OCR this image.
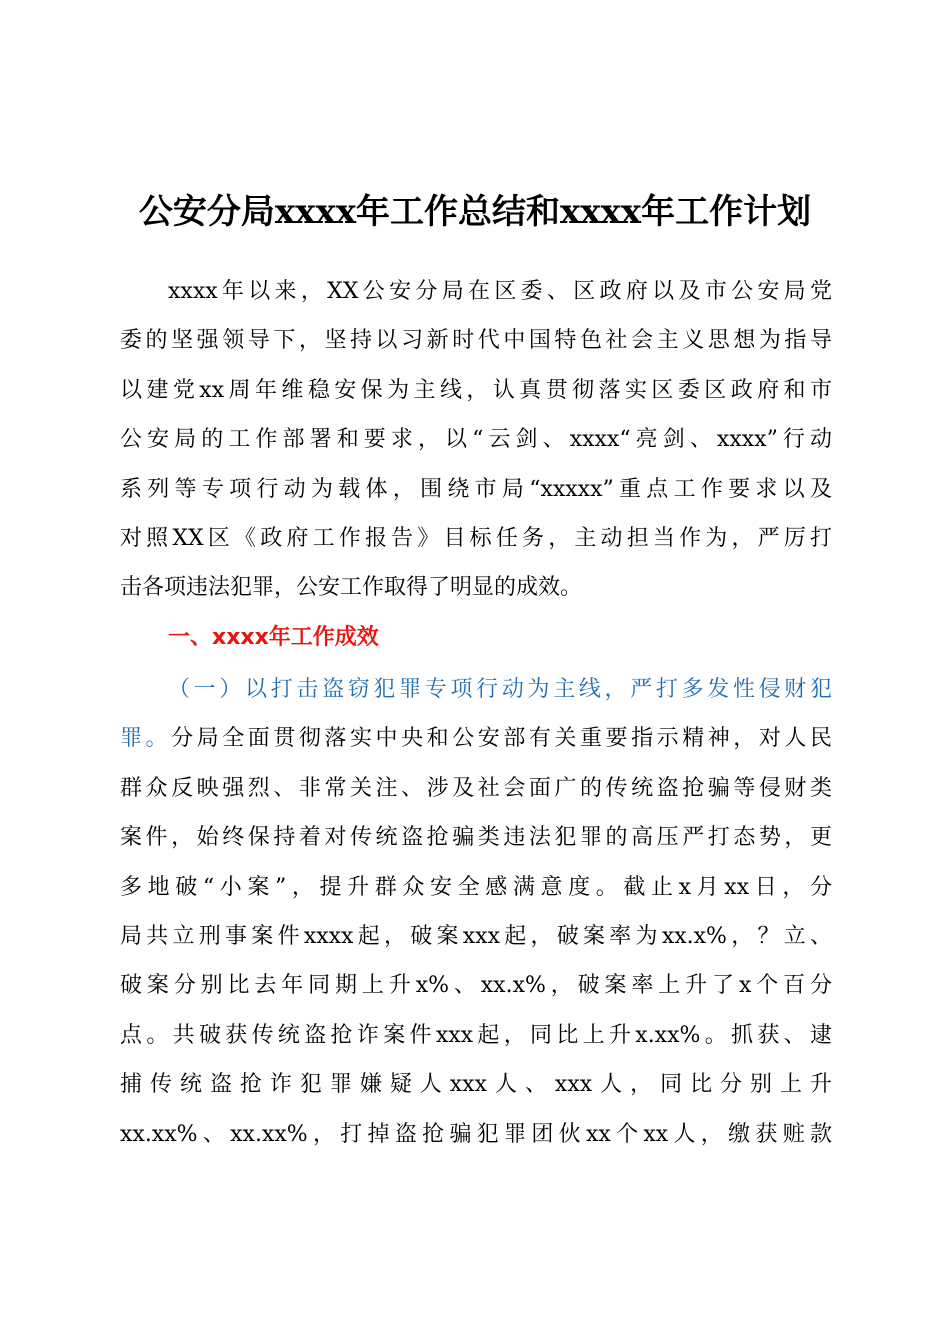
公安分局xxxx年工作总结和xxxx年工作计划
xxxx年以来，XX公安分局在区委、区政府以及市公安局党
委的坚强领导下，坚持以习新时代中国特色社会主义思想为指导
以建党xx周年维稳安保为主线，认真贯彻落实区委区政府和市
公安局的工作部署和要求，以“云剑、xxxx“亮剑、xxxx”行动
系列等专项行动为载体，围绕市局“xxxxx”重点工作要求以及
对照XX区《政府工作报告》目标任务，主动担当作为，严厉打
击各项违法犯罪，公安工作取得了明显的成效。
一、xxxx年工作成效
（一）以打击盗窃犯罪专项行动为主线，严打多发性侵财犯
罪。分局全面贯彻落实中央和公安部有关重要指示精神，对人民
群众反映强烈、非常关注、涉及社会面广的传统盗抢骗等侵财类
案件，始终保持着对传统盗抢骗类违法犯罪的高压严打态势，更
多地破“小案”，提升群众安全感满意度。截止x月xx日，分
局共立刑事案件xxxx起，破案xxx起，破案率为xx.x%，？立、
破案分别比去年同期上升x%、xx.x%，破案率上升了x个百分
点。共破获传统盗抢诈案件xxx起，同比上升x.xx%。抓获、逮
捕传统盗抢诈犯罪嫌疑人xxx人、xxx人，同比分别上升
xx.xx%、xx.xx%，打掉盗抢骗犯罪团伙xx个xx人，缴获赃款
